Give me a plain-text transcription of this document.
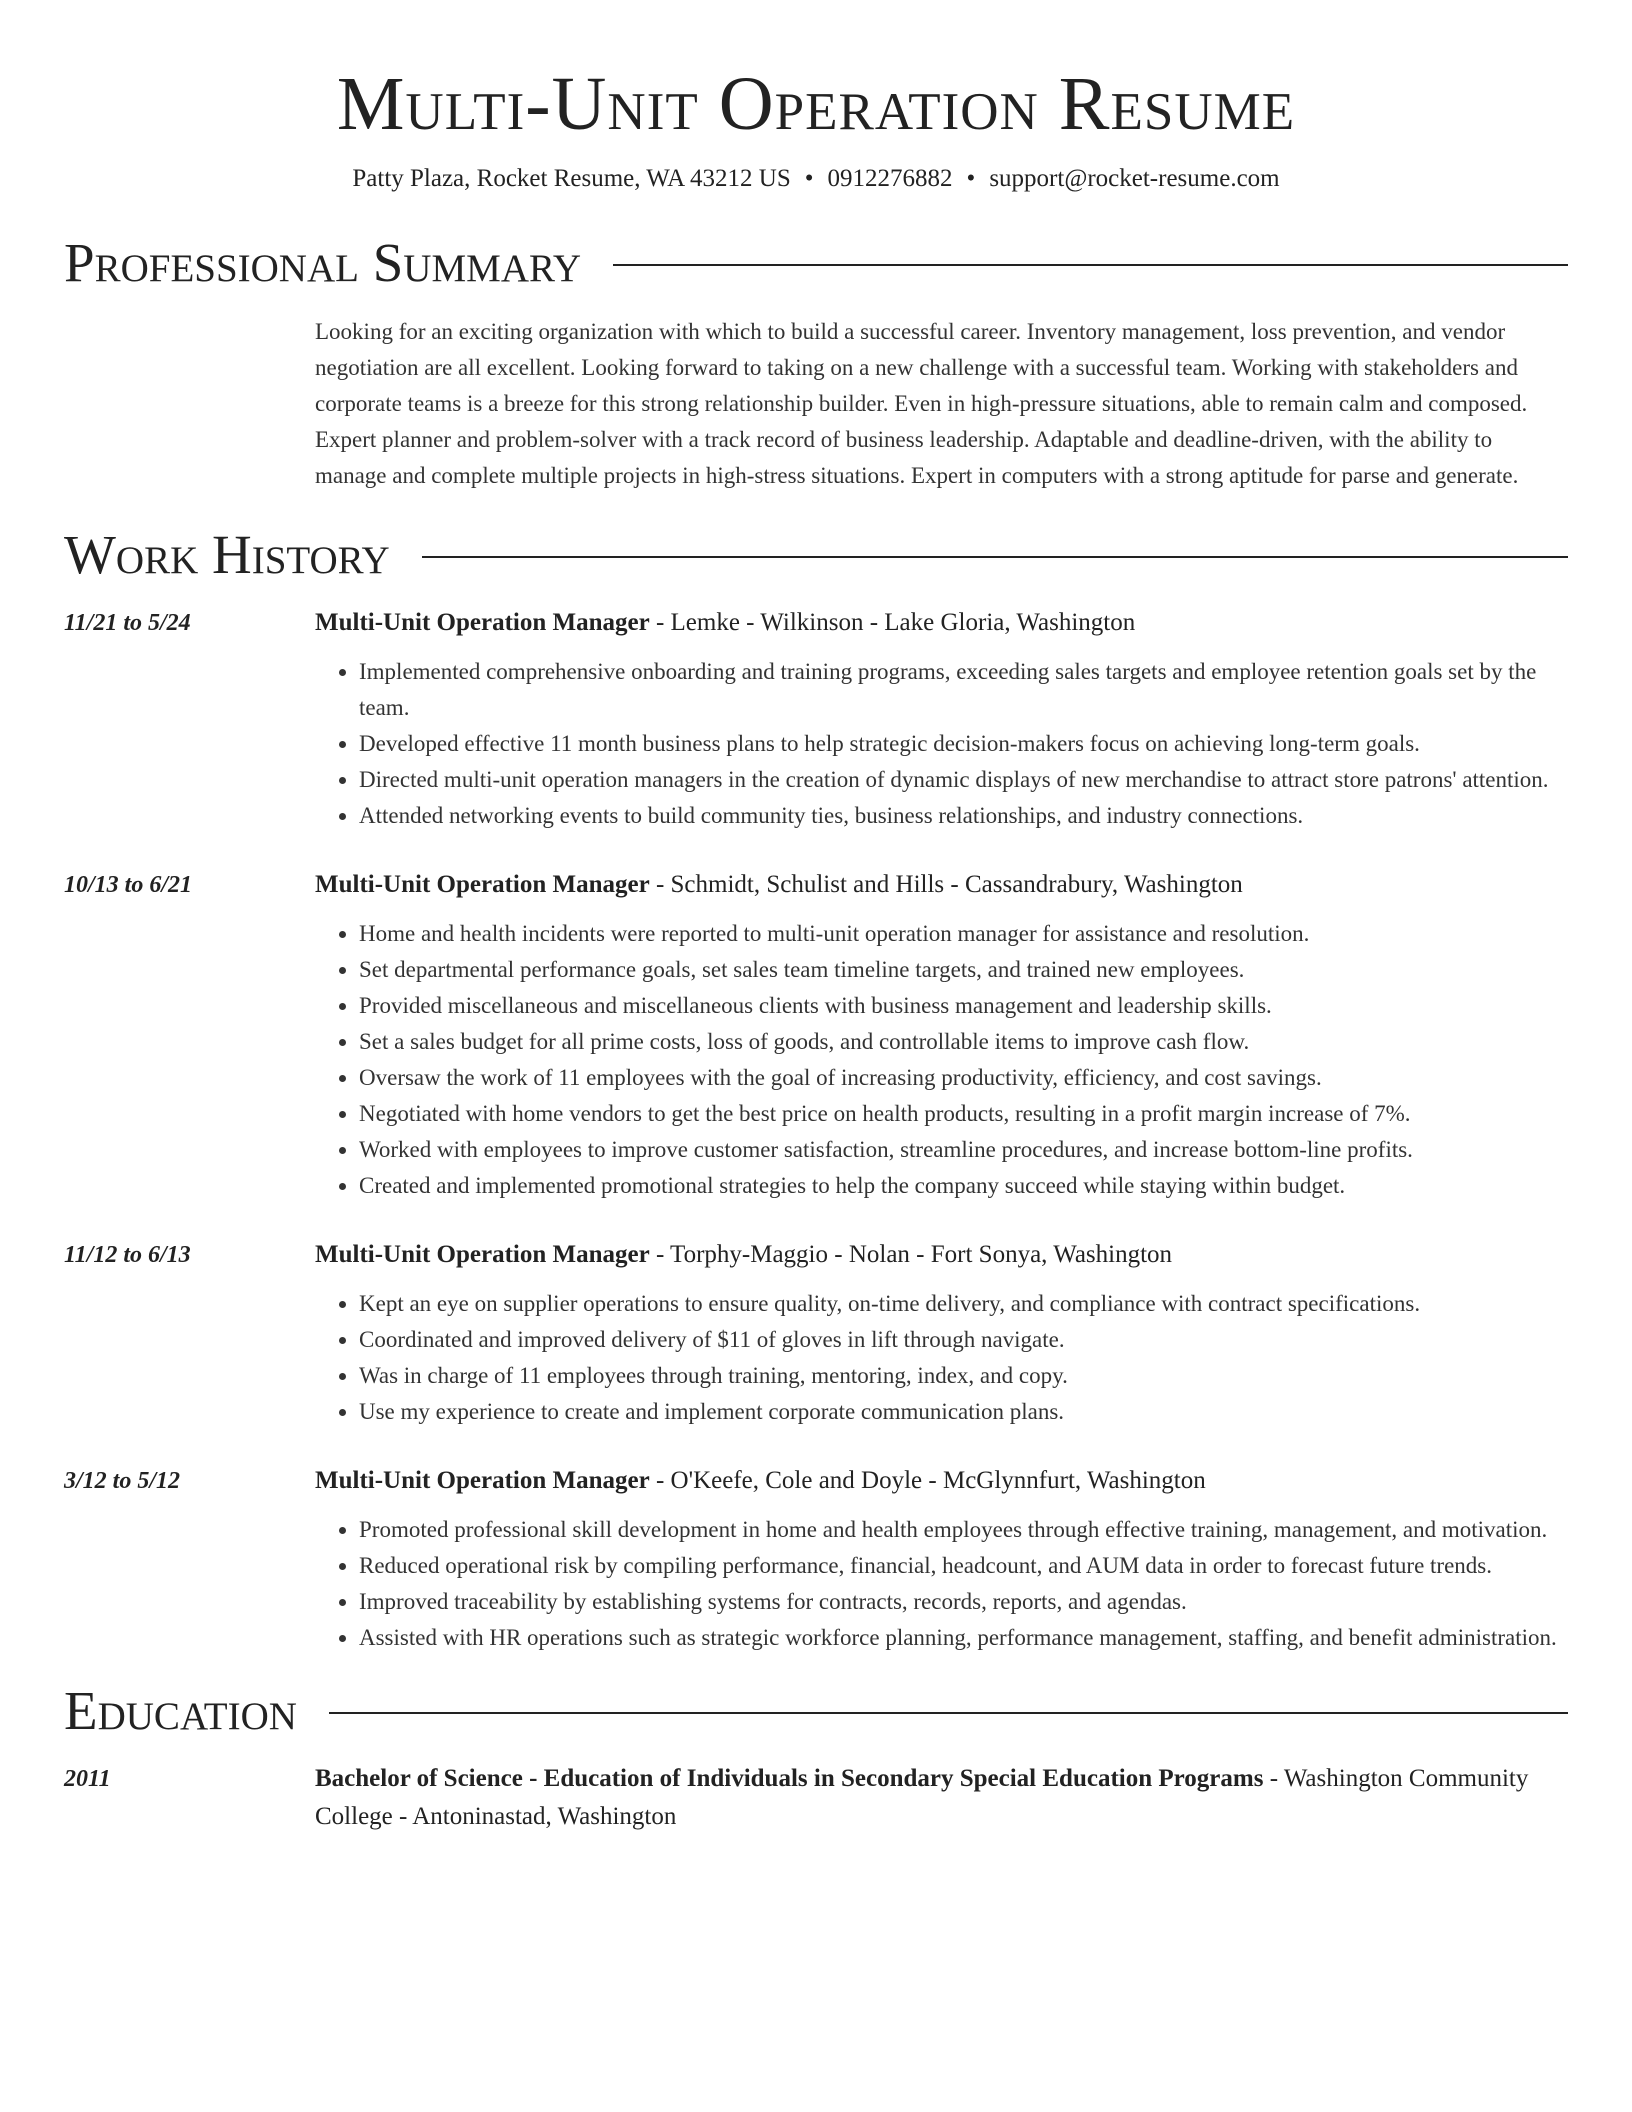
Multi-Unit Operation Resume
Patty Plaza, Rocket Resume, WA 43212 US • 0912276882 • support@rocket-resume.com
Professional Summary
Looking for an exciting organization with which to build a successful career. Inventory management, loss prevention, and vendor negotiation are all excellent. Looking forward to taking on a new challenge with a successful team. Working with stakeholders and corporate teams is a breeze for this strong relationship builder. Even in high-pressure situations, able to remain calm and composed. Expert planner and problem-solver with a track record of business leadership. Adaptable and deadline-driven, with the ability to manage and complete multiple projects in high-stress situations. Expert in computers with a strong aptitude for parse and generate.
Work History
11/21 to 5/24	Multi-Unit Operation Manager - Lemke - Wilkinson - Lake Gloria, Washington
• Implemented comprehensive onboarding and training programs, exceeding sales targets and employee retention goals set by the team.
• Developed effective 11 month business plans to help strategic decision-makers focus on achieving long-term goals.
• Directed multi-unit operation managers in the creation of dynamic displays of new merchandise to attract store patrons' attention.
• Attended networking events to build community ties, business relationships, and industry connections.
10/13 to 6/21	Multi-Unit Operation Manager - Schmidt, Schulist and Hills - Cassandrabury, Washington
• Home and health incidents were reported to multi-unit operation manager for assistance and resolution.
• Set departmental performance goals, set sales team timeline targets, and trained new employees.
• Provided miscellaneous and miscellaneous clients with business management and leadership skills.
• Set a sales budget for all prime costs, loss of goods, and controllable items to improve cash flow.
• Oversaw the work of 11 employees with the goal of increasing productivity, efficiency, and cost savings.
• Negotiated with home vendors to get the best price on health products, resulting in a profit margin increase of 7%.
• Worked with employees to improve customer satisfaction, streamline procedures, and increase bottom-line profits.
• Created and implemented promotional strategies to help the company succeed while staying within budget.
11/12 to 6/13	Multi-Unit Operation Manager - Torphy-Maggio - Nolan - Fort Sonya, Washington
• Kept an eye on supplier operations to ensure quality, on-time delivery, and compliance with contract specifications.
• Coordinated and improved delivery of $11 of gloves in lift through navigate.
• Was in charge of 11 employees through training, mentoring, index, and copy.
• Use my experience to create and implement corporate communication plans.
3/12 to 5/12	Multi-Unit Operation Manager - O'Keefe, Cole and Doyle - McGlynnfurt, Washington
• Promoted professional skill development in home and health employees through effective training, management, and motivation.
• Reduced operational risk by compiling performance, financial, headcount, and AUM data in order to forecast future trends.
• Improved traceability by establishing systems for contracts, records, reports, and agendas.
• Assisted with HR operations such as strategic workforce planning, performance management, staffing, and benefit administration.
Education
2011	Bachelor of Science - Education of Individuals in Secondary Special Education Programs - Washington Community College - Antoninastad, Washington
